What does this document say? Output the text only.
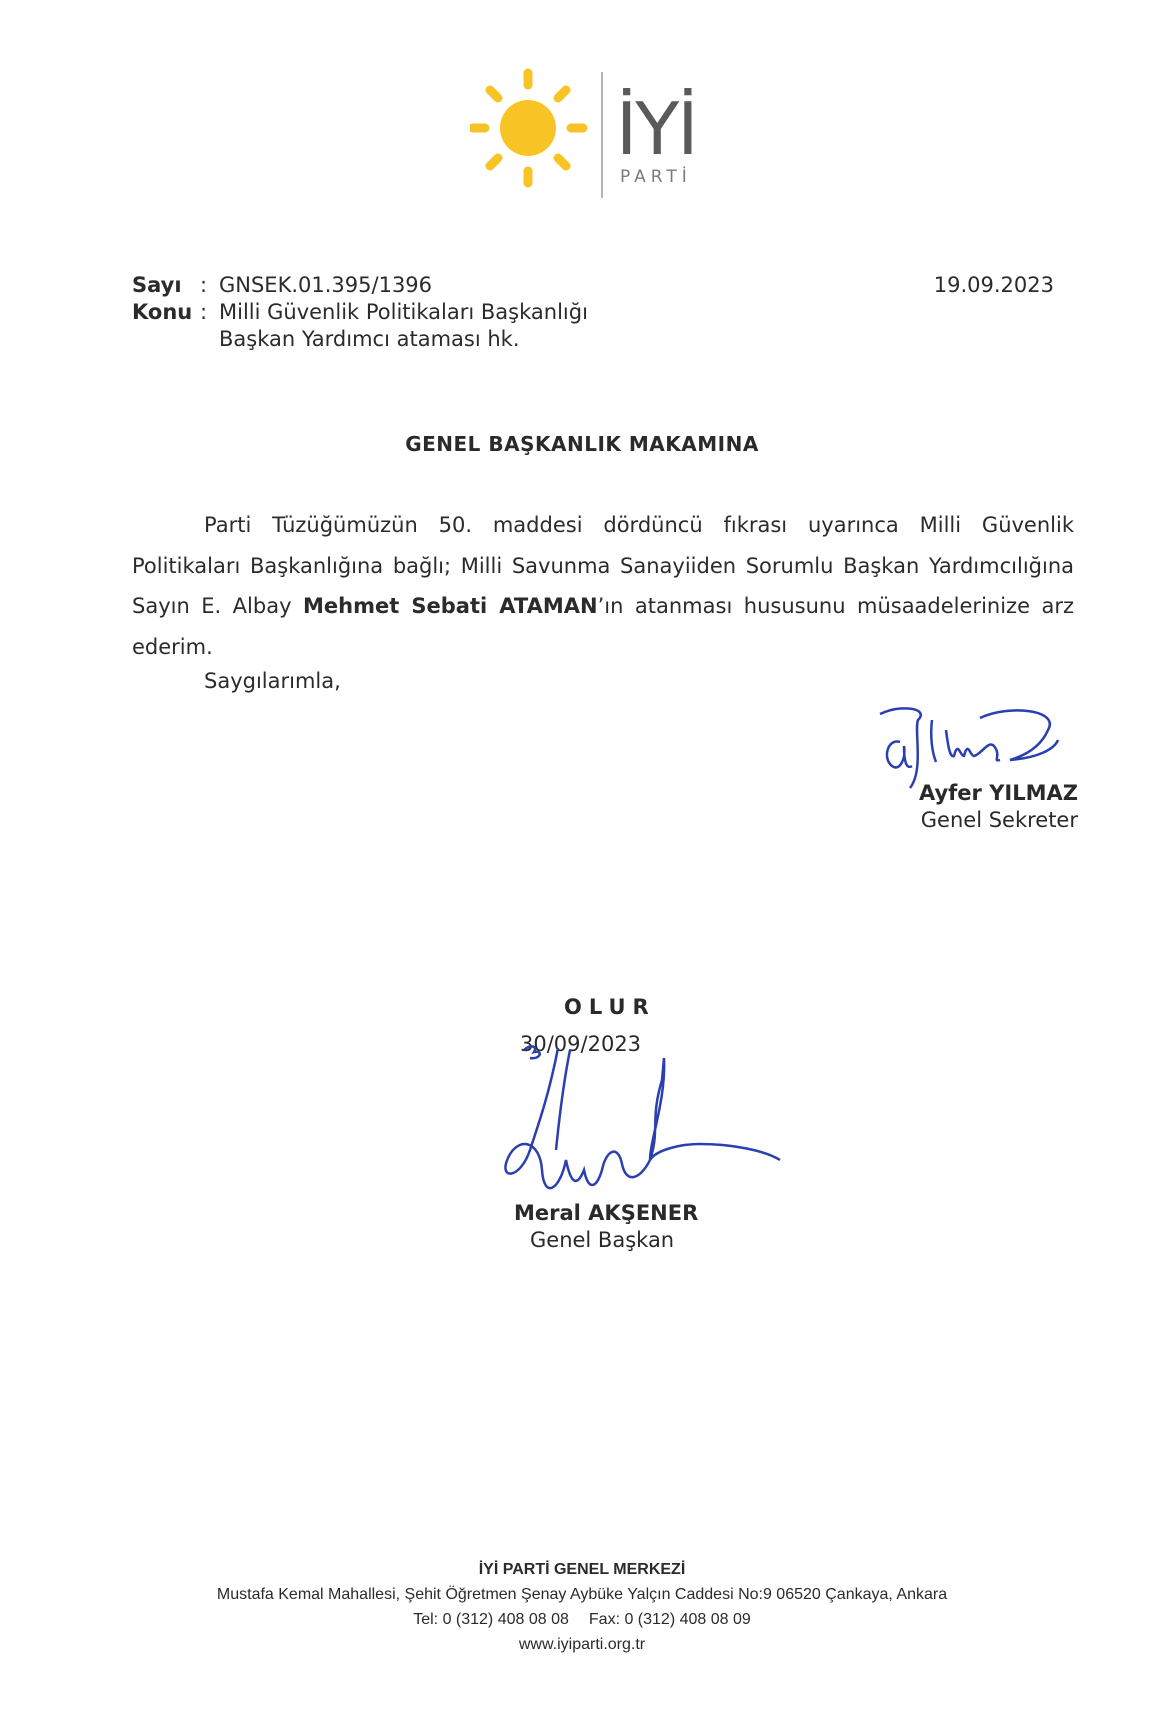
İYİ
PARTİ
Sayı : GNSEK.01.395/1396
Konu : Milli Güvenlik Politikaları Başkanlığı
Başkan Yardımcı ataması hk.
19.09.2023
GENEL BAŞKANLIK MAKAMINA
Parti Tüzüğümüzün 50. maddesi dördüncü fıkrası uyarınca Milli Güvenlik Politikaları Başkanlığına bağlı; Milli Savunma Sanayiiden Sorumlu Başkan Yardımcılığına Sayın E. Albay Mehmet Sebati ATAMAN’ın atanması hususunu müsaadelerinize arz ederim.
Saygılarımla,
Ayfer YILMAZ
Genel Sekreter
OLUR
30/09/2023
Meral AKŞENER
Genel Başkan
İYİ PARTİ GENEL MERKEZİ
Mustafa Kemal Mahallesi, Şehit Öğretmen Şenay Aybüke Yalçın Caddesi No:9 06520 Çankaya, Ankara
Tel: 0 (312) 408 08 08 Fax: 0 (312) 408 08 09
www.iyiparti.org.tr
